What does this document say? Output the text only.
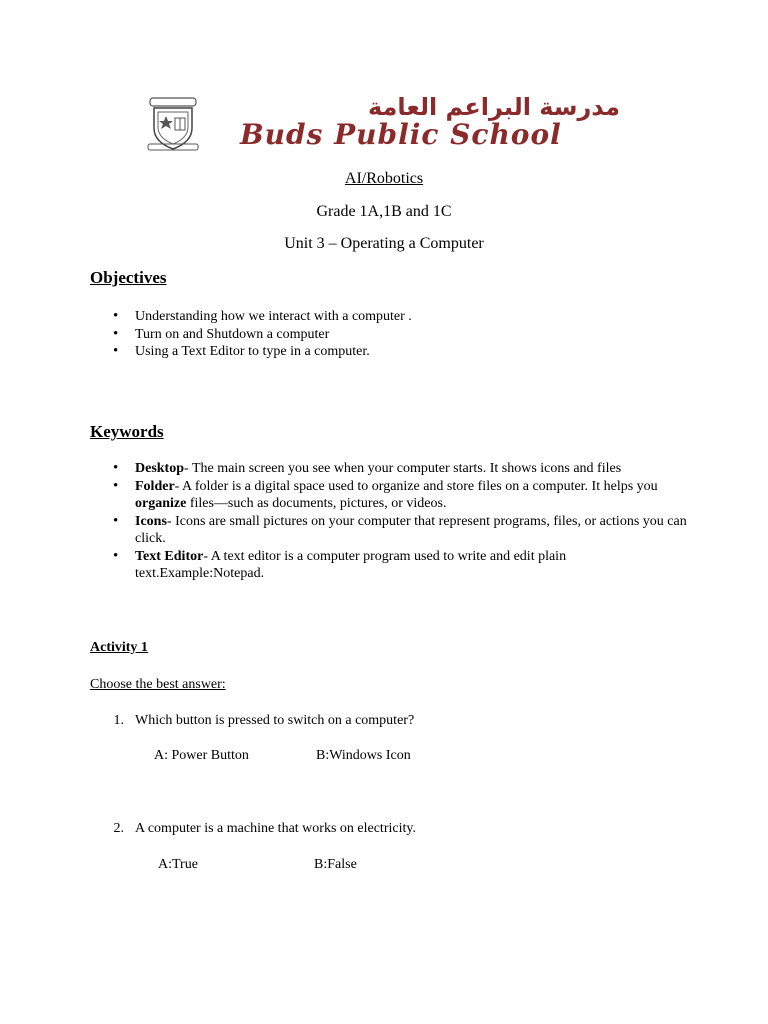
مدرسة البراعم العامة
Buds Public School
AI/Robotics
Grade 1A,1B and 1C
Unit 3 – Operating a Computer
Objectives
• Understanding how we interact with a computer .
• Turn on and Shutdown a computer
• Using a Text Editor to type in a computer.
Keywords
• Desktop- The main screen you see when your computer starts. It shows icons and files
• Folder- A folder is a digital space used to organize and store files on a computer. It helps you organize files—such as documents, pictures, or videos.
• Icons- Icons are small pictures on your computer that represent programs, files, or actions you can click.
• Text Editor- A text editor is a computer program used to write and edit plain text.Example:Notepad.
Activity 1
Choose the best answer:
1. Which button is pressed to switch on a computer?
A: Power Button	B:Windows Icon
2. A computer is a machine that works on electricity.
A:True	B:False
